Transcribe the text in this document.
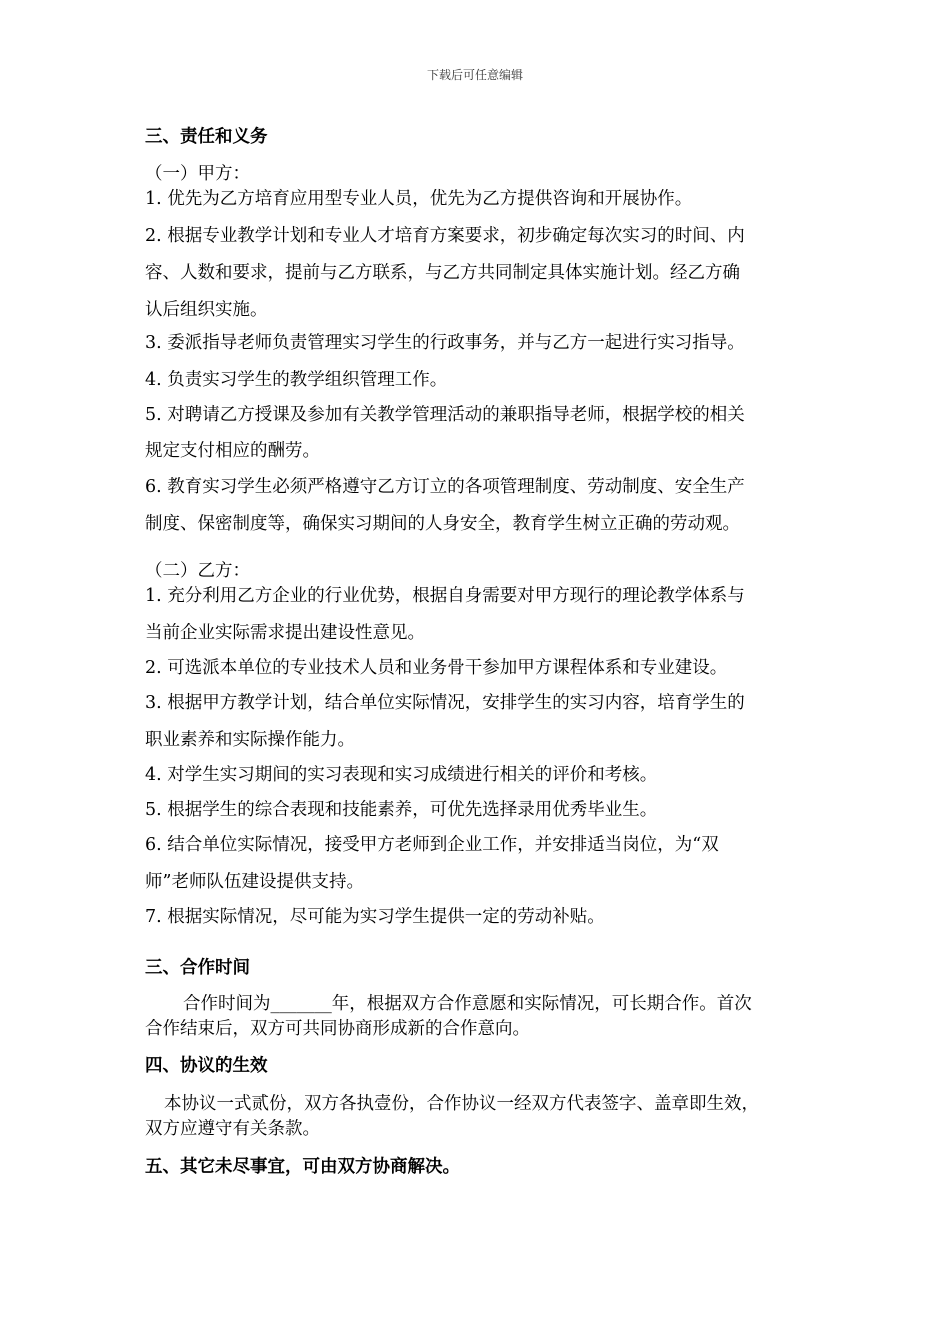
下载后可任意编辑
三、责任和义务
（一）甲方：
1. 优先为乙方培育应用型专业人员，优先为乙方提供咨询和开展协作。
2. 根据专业教学计划和专业人才培育方案要求，初步确定每次实习的时间、内
容、人数和要求，提前与乙方联系，与乙方共同制定具体实施计划。经乙方确
认后组织实施。
3. 委派指导老师负责管理实习学生的行政事务，并与乙方一起进行实习指导。
4. 负责实习学生的教学组织管理工作。
5. 对聘请乙方授课及参加有关教学管理活动的兼职指导老师，根据学校的相关
规定支付相应的酬劳。
6. 教育实习学生必须严格遵守乙方订立的各项管理制度、劳动制度、安全生产
制度、保密制度等，确保实习期间的人身安全，教育学生树立正确的劳动观。
（二）乙方：
1. 充分利用乙方企业的行业优势，根据自身需要对甲方现行的理论教学体系与
当前企业实际需求提出建设性意见。
2. 可选派本单位的专业技术人员和业务骨干参加甲方课程体系和专业建设。
3. 根据甲方教学计划，结合单位实际情况，安排学生的实习内容，培育学生的
职业素养和实际操作能力。
4. 对学生实习期间的实习表现和实习成绩进行相关的评价和考核。
5. 根据学生的综合表现和技能素养，可优先选择录用优秀毕业生。
6. 结合单位实际情况，接受甲方老师到企业工作，并安排适当岗位，为“双
师”老师队伍建设提供支持。
7. 根据实际情况，尽可能为实习学生提供一定的劳动补贴。
三、合作时间
合作时间为_______年，根据双方合作意愿和实际情况，可长期合作。首次
合作结束后，双方可共同协商形成新的合作意向。
四、协议的生效
本协议一式贰份，双方各执壹份，合作协议一经双方代表签字、盖章即生效，
双方应遵守有关条款。
五、其它未尽事宜，可由双方协商解决。
